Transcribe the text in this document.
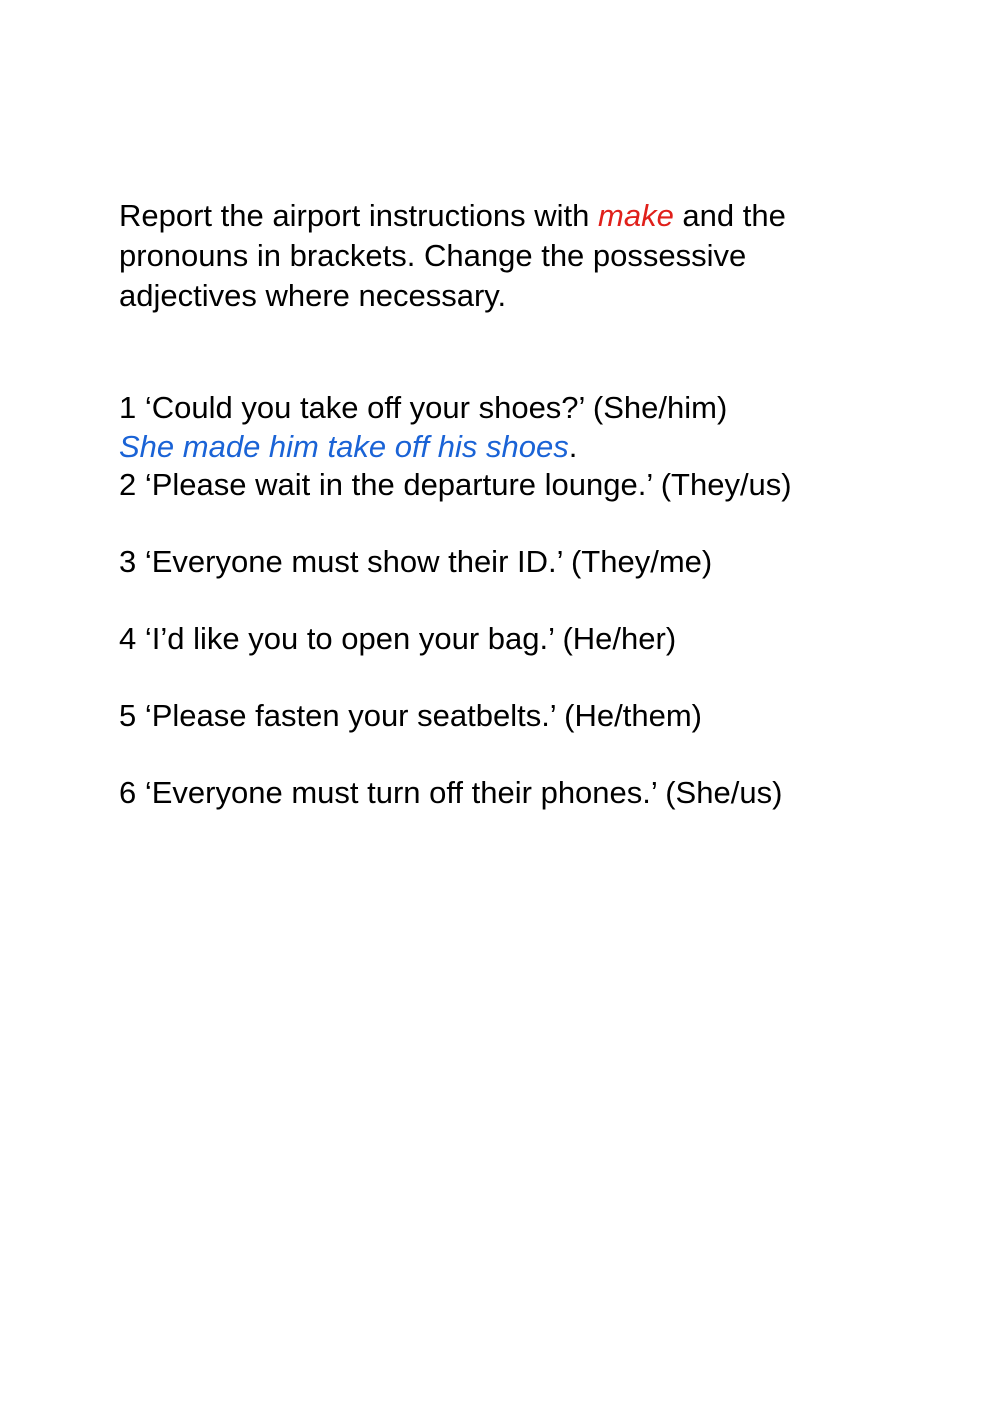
Report the airport instructions with make and the pronouns in brackets. Change the possessive adjectives where necessary.

1 ‘Could you take off your shoes?’ (She/him)
She made him take off his shoes.
2 ‘Please wait in the departure lounge.’ (They/us)
3 ‘Everyone must show their ID.’ (They/me)
4 ‘I’d like you to open your bag.’ (He/her)
5 ‘Please fasten your seatbelts.’ (He/them)
6 ‘Everyone must turn off their phones.’ (She/us)
